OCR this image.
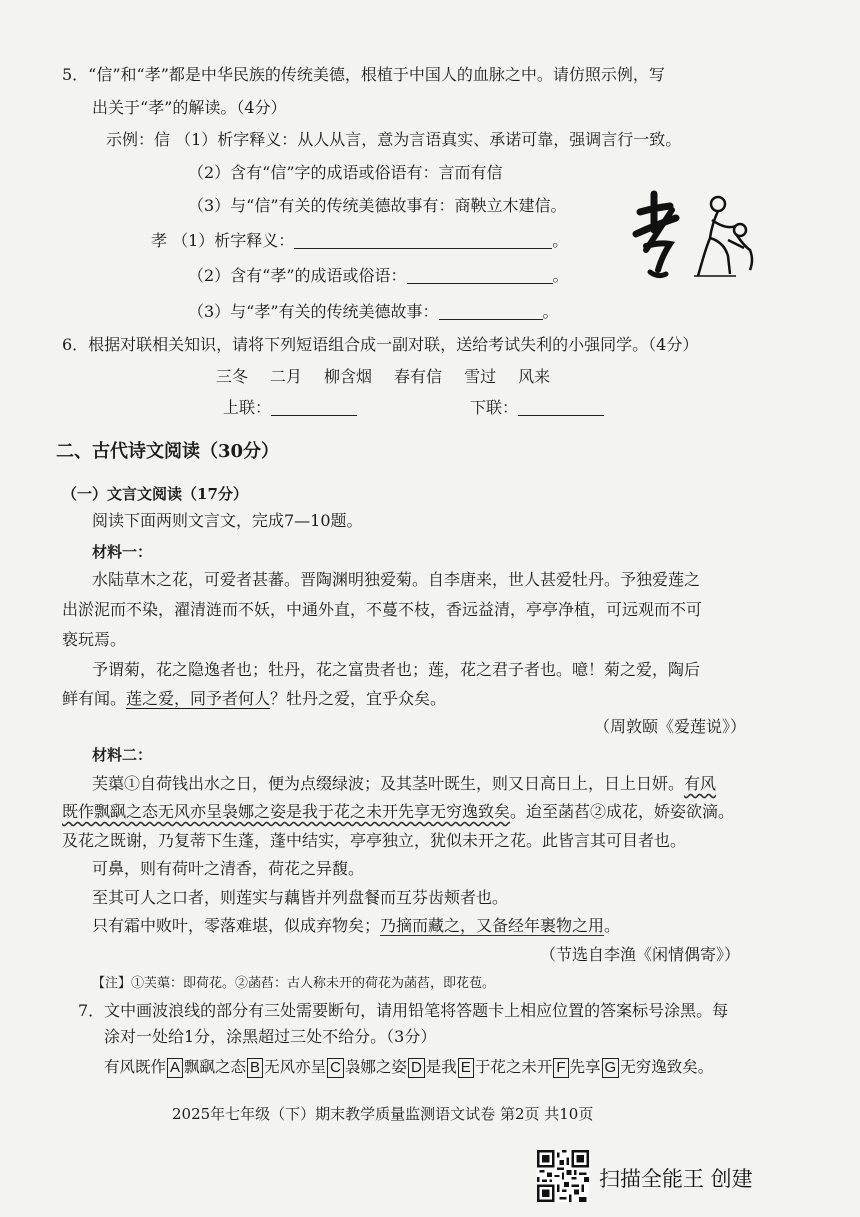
5．“信”和“孝”都是中华民族的传统美德，根植于中国人的血脉之中。请仿照示例，写
出关于“孝”的解读。（4分）
示例：信 （1）析字释义：从人从言，意为言语真实、承诺可靠，强调言行一致。
（2）含有“信”字的成语或俗语有：言而有信
（3）与“信”有关的传统美德故事有：商鞅立木建信。
孝 （1）析字释义：	。
（2）含有“孝”的成语或俗语：	。
（3）与“孝”有关的传统美德故事：	。
6．根据对联相关知识，请将下列短语组合成一副对联，送给考试失利的小强同学。（4分）
三冬 二月 柳含烟 春有信 雪过 风来
上联：	下联：
二、古代诗文阅读（30分）
（一）文言文阅读（17分）
阅读下面两则文言文，完成7—10题。
材料一：
水陆草木之花，可爱者甚蕃。晋陶渊明独爱菊。自李唐来，世人甚爱牡丹。予独爱莲之
出淤泥而不染，濯清涟而不妖，中通外直，不蔓不枝，香远益清，亭亭净植，可远观而不可
亵玩焉。
予谓菊，花之隐逸者也；牡丹，花之富贵者也；莲，花之君子者也。噫！菊之爱，陶后
鲜有闻。莲之爱，同予者何人？牡丹之爱，宜乎众矣。
（周敦颐《爱莲说》）
材料二：
芙蕖①自荷钱出水之日，便为点缀绿波；及其茎叶既生，则又日高日上，日上日妍。有风
既作飘飖之态无风亦呈袅娜之姿是我于花之未开先享无穷逸致矣。迨至菡萏②成花，娇姿欲滴。
及花之既谢，乃复蒂下生蓬，蓬中结实，亭亭独立，犹似未开之花。此皆言其可目者也。
可鼻，则有荷叶之清香，荷花之异馥。
至其可人之口者，则莲实与藕皆并列盘餐而互芬齿颊者也。
只有霜中败叶，零落难堪，似成弃物矣；乃摘而藏之，又备经年裹物之用。
（节选自李渔《闲情偶寄》）
【注】①芙蕖：即荷花。②菡萏：古人称未开的荷花为菡萏，即花苞。
7．文中画波浪线的部分有三处需要断句，请用铅笔将答题卡上相应位置的答案标号涂黑。每
涂对一处给1分，涂黑超过三处不给分。（3分）
有风既作 A 飘飖之态 B 无风亦呈 C 袅娜之姿 D 是我 E 于花之未开 F 先享 G 无穷逸致矣。
2025年七年级（下）期末教学质量监测语文试卷 第2页 共10页
扫描全能王 创建
